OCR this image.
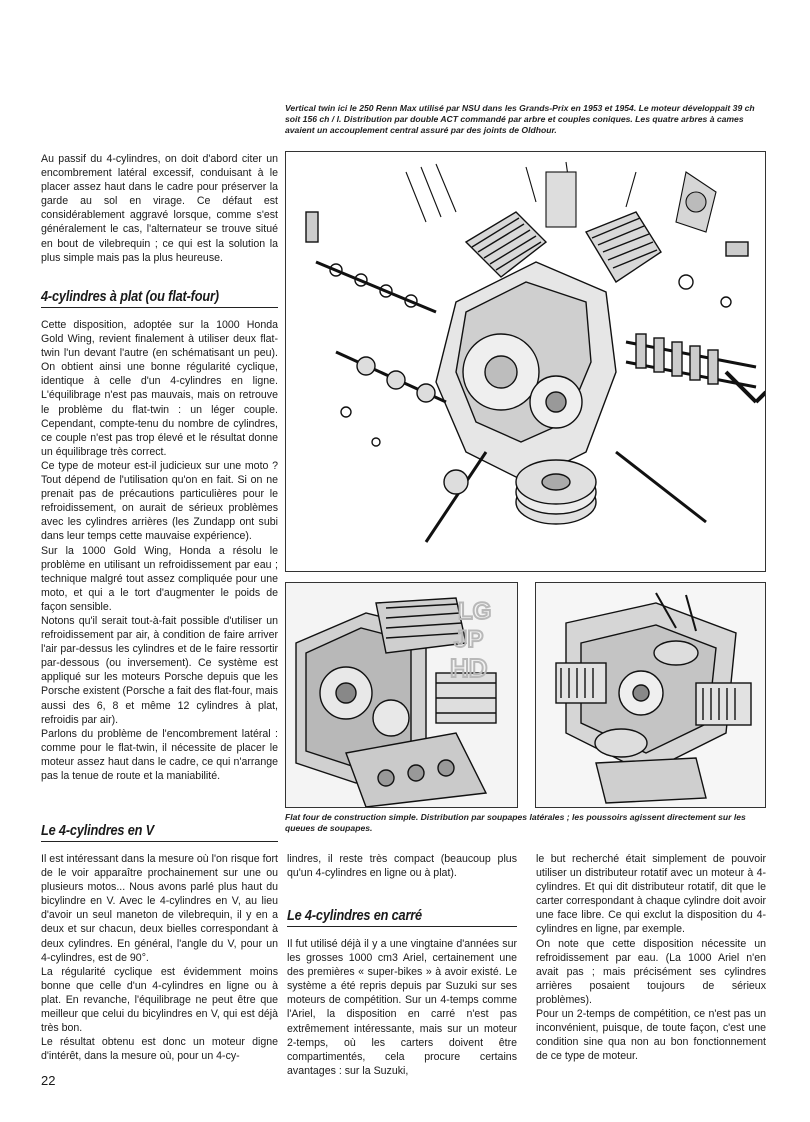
Vertical twin ici le 250 Renn Max utilisé par NSU dans les Grands-Prix en 1953 et 1954. Le moteur développait 39 ch soit 156 ch / l. Distribution par double ACT commandé par arbre et couples coniques. Les quatre arbres à cames avaient un accouplement central assuré par des joints de Oldhour.

Au passif du 4-cylindres, on doit d'abord citer un encombrement latéral excessif, conduisant à le placer assez haut dans le cadre pour préserver la garde au sol en virage. Ce défaut est considérablement aggravé lorsque, comme s'est généralement le cas, l'alternateur se trouve situé en bout de vilebrequin ; ce qui est la solution la plus simple mais pas la plus heureuse.

4-cylindres à plat (ou flat-four)

Cette disposition, adoptée sur la 1000 Honda Gold Wing, revient finalement à utiliser deux flat-twin l'un devant l'autre (en schématisant un peu). On obtient ainsi une bonne régularité cyclique, identique à celle d'un 4-cylindres en ligne. L'équilibrage n'est pas mauvais, mais on retrouve le problème du flat-twin : un léger couple. Cependant, compte-tenu du nombre de cylindres, ce couple n'est pas trop élevé et le résultat donne un équilibrage très correct.

Ce type de moteur est-il judicieux sur une moto ? Tout dépend de l'utilisation qu'on en fait. Si on ne prenait pas de précautions particulières pour le refroidissement, on aurait de sérieux problèmes avec les cylindres arrières (les Zundapp ont subi dans leur temps cette mauvaise expérience).

Sur la 1000 Gold Wing, Honda a résolu le problème en utilisant un refroidissement par eau ; technique malgré tout assez compliquée pour une moto, et qui a le tort d'augmenter le poids de façon sensible.

Notons qu'il serait tout-à-fait possible d'utiliser un refroidissement par air, à condition de faire arriver l'air par-dessus les cylindres et de le faire ressortir par-dessous (ou inversement). Ce système est appliqué sur les moteurs Porsche depuis que les Porsche existent (Porsche a fait des flat-four, mais aussi des 6, 8 et même 12 cylindres à plat, refroidis par air).

Parlons du problème de l'encombrement latéral : comme pour le flat-twin, il nécessite de placer le moteur assez haut dans le cadre, ce qui n'arrange pas la tenue de route et la maniabilité.

Le 4-cylindres en V

Il est intéressant dans la mesure où l'on risque fort de le voir apparaître prochainement sur une ou plusieurs motos... Nous avons parlé plus haut du bicylindre en V. Avec le 4-cylindres en V, au lieu d'avoir un seul maneton de vilebrequin, il y en a deux et sur chacun, deux bielles correspondant à deux cylindres. En général, l'angle du V, pour un 4-cylindres, est de 90°.

La régularité cyclique est évidemment moins bonne que celle d'un 4-cylindres en ligne ou à plat. En revanche, l'équilibrage ne peut être que meilleur que celui du bicylindres en V, qui est déjà très bon.

Le résultat obtenu est donc un moteur digne d'intérêt, dans la mesure où, pour un 4-cy-

22

lindres, il reste très compact (beaucoup plus qu'un 4-cylindres en ligne ou à plat).

Le 4-cylindres en carré

Il fut utilisé déjà il y a une vingtaine d'années sur les grosses 1000 cm3 Ariel, certainement une des premières « super-bikes » à avoir existé. Le système a été repris depuis par Suzuki sur ses moteurs de compétition. Sur un 4-temps comme l'Ariel, la disposition en carré n'est pas extrêmement intéressante, mais sur un moteur 2-temps, où les carters doivent être compartimentés, cela procure certains avantages : sur la Suzuki,

le but recherché était simplement de pouvoir utiliser un distributeur rotatif avec un moteur à 4-cylindres. Et qui dit distributeur rotatif, dit que le carter correspondant à chaque cylindre doit avoir une face libre. Ce qui exclut la disposition du 4-cylindres en ligne, par exemple.

On note que cette disposition nécessite un refroidissement par eau. (La 1000 Ariel n'en avait pas ; mais précisément ses cylindres arrières posaient toujours de sérieux problèmes).

Pour un 2-temps de compétition, ce n'est pas un inconvénient, puisque, de toute façon, c'est une condition sine qua non au bon fonctionnement de ce type de moteur.

LG
JP
HD
Flat four de construction simple. Distribution par soupapes latérales ; les poussoirs agissent directement sur les queues de soupapes.
